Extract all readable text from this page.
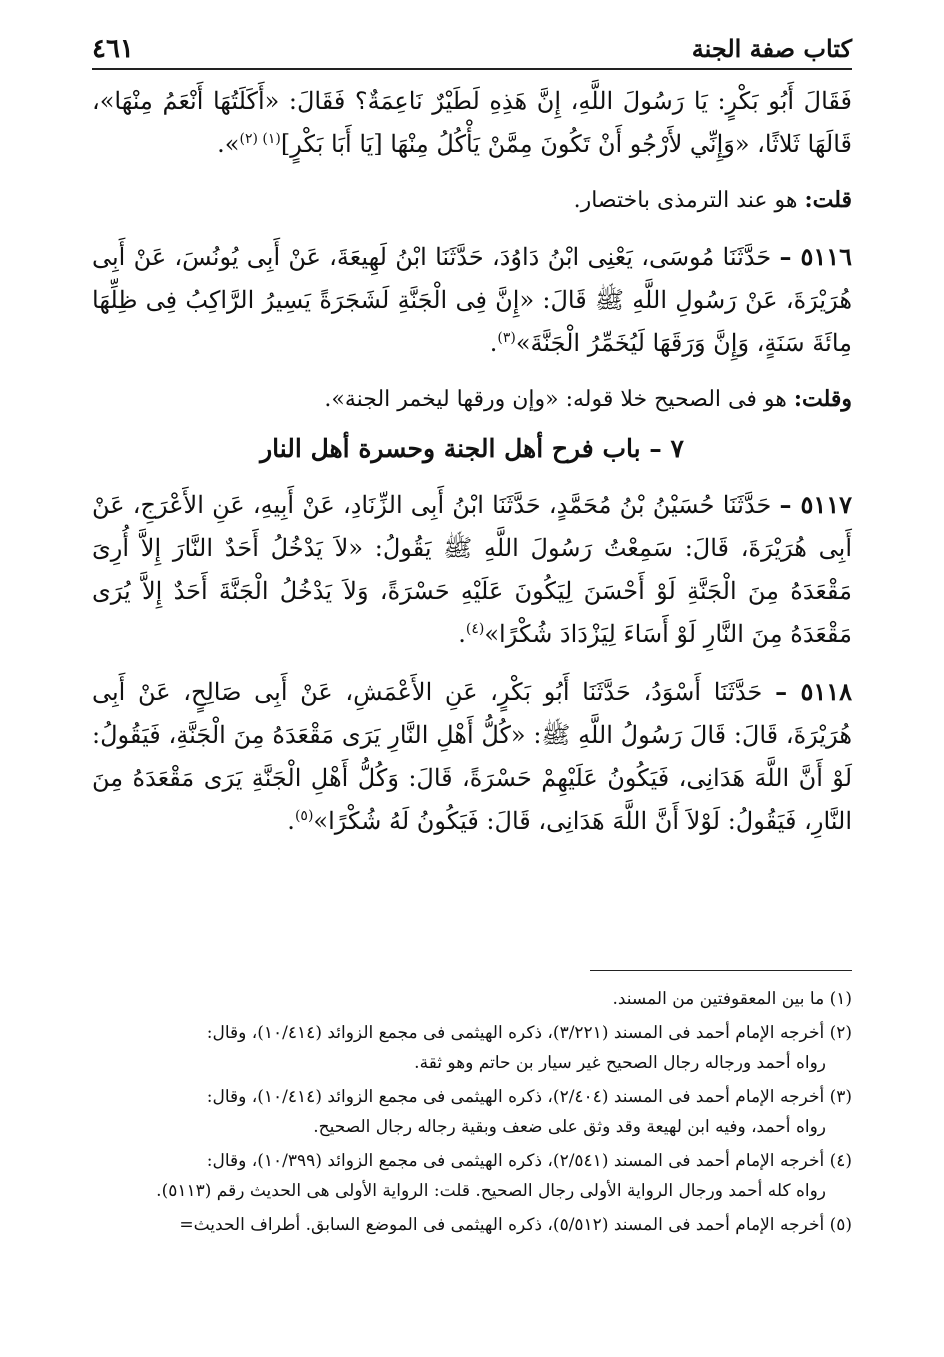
كتاب صفة الجنة
٤٦١

فَقَالَ أَبُو بَكْرٍ: يَا رَسُولَ اللَّهِ، إِنَّ هَذِهِ لَطَيْرٌ نَاعِمَةٌ؟ فَقَالَ: «أَكَلَتُهَا أَنْعَمُ مِنْهَا»، قَالَهَا ثَلاثًا، «وَإِنِّي لأَرْجُو أَنْ تَكُونَ مِمَّنْ يَأْكُلُ مِنْهَا [يَا أَبَا بَكْرٍ]$^{(١) (٢)}$».

قلت: هو عند الترمذى باختصار.

٥١١٦ – حَدَّثَنَا مُوسَى، يَعْنِى ابْنُ دَاوُدَ، حَدَّثَنَا ابْنُ لَهِيعَةَ، عَنْ أَبِى يُونُسَ، عَنْ أَبِى هُرَيْرَةَ، عَنْ رَسُولِ اللَّهِ ﷺ قَالَ: «إِنَّ فِى الْجَنَّةِ لَشَجَرَةً يَسِيرُ الرَّاكِبُ فِى ظِلِّهَا مِائَةَ سَنَةٍ، وَإِنَّ وَرَقَهَا لَيُخَمِّرُ الْجَنَّةَ»$^{(٣)}$.

وقلت: هو فى الصحيح خلا قوله: «وإن ورقها ليخمر الجنة».

٧ – باب فرح أهل الجنة وحسرة أهل النار

٥١١٧ – حَدَّثَنَا حُسَيْنُ بْنُ مُحَمَّدٍ، حَدَّثَنَا ابْنُ أَبِى الزِّنَادِ، عَنْ أَبِيهِ، عَنِ الأَعْرَجِ، عَنْ أَبِى هُرَيْرَةَ، قَالَ: سَمِعْتُ رَسُولَ اللَّهِ ﷺ يَقُولُ: «لاَ يَدْخُلُ أَحَدٌ النَّارَ إِلاَّ أُرِىَ مَقْعَدَهُ مِنَ الْجَنَّةِ لَوْ أَحْسَنَ لِيَكُونَ عَلَيْهِ حَسْرَةً، وَلاَ يَدْخُلُ الْجَنَّةَ أَحَدٌ إِلاَّ يُرَى مَقْعَدَهُ مِنَ النَّارِ لَوْ أَسَاءَ لِيَزْدَادَ شُكْرًا»$^{(٤)}$.

٥١١٨ – حَدَّثَنَا أَسْوَدُ، حَدَّثَنَا أَبُو بَكْرٍ، عَنِ الأَعْمَشِ، عَنْ أَبِى صَالِحٍ، عَنْ أَبِى هُرَيْرَةَ، قَالَ: قَالَ رَسُولُ اللَّهِ ﷺ: «كُلُّ أَهْلِ النَّارِ يَرَى مَقْعَدَهُ مِنَ الْجَنَّةِ، فَيَقُولُ: لَوْ أَنَّ اللَّهَ هَدَانِى، فَيَكُونُ عَلَيْهِمْ حَسْرَةً، قَالَ: وَكُلُّ أَهْلِ الْجَنَّةِ يَرَى مَقْعَدَهُ مِنَ النَّارِ، فَيَقُولُ: لَوْلاَ أَنَّ اللَّهَ هَدَانِى، قَالَ: فَيَكُونُ لَهُ شُكْرًا»$^{(٥)}$.

(١) ما بين المعقوفتين من المسند.
(٢) أخرجه الإمام أحمد فى المسند (٣/٢٢١)، ذكره الهيثمى فى مجمع الزوائد (١٠/٤١٤)، وقال:
رواه أحمد ورجاله رجال الصحيح غير سيار بن حاتم وهو ثقة.
(٣) أخرجه الإمام أحمد فى المسند (٢/٤٠٤)، ذكره الهيثمى فى مجمع الزوائد (١٠/٤١٤)، وقال:
رواه أحمد، وفيه ابن لهيعة وقد وثق على ضعف وبقية رجاله رجال الصحيح.
(٤) أخرجه الإمام أحمد فى المسند (٢/٥٤١)، ذكره الهيثمى فى مجمع الزوائد (١٠/٣٩٩)، وقال:
رواه كله أحمد ورجال الرواية الأولى رجال الصحيح. قلت: الرواية الأولى هى الحديث رقم (٥١١٣).
(٥) أخرجه الإمام أحمد فى المسند (٥/٥١٢)، ذكره الهيثمى فى الموضع السابق. أطراف الحديث=
